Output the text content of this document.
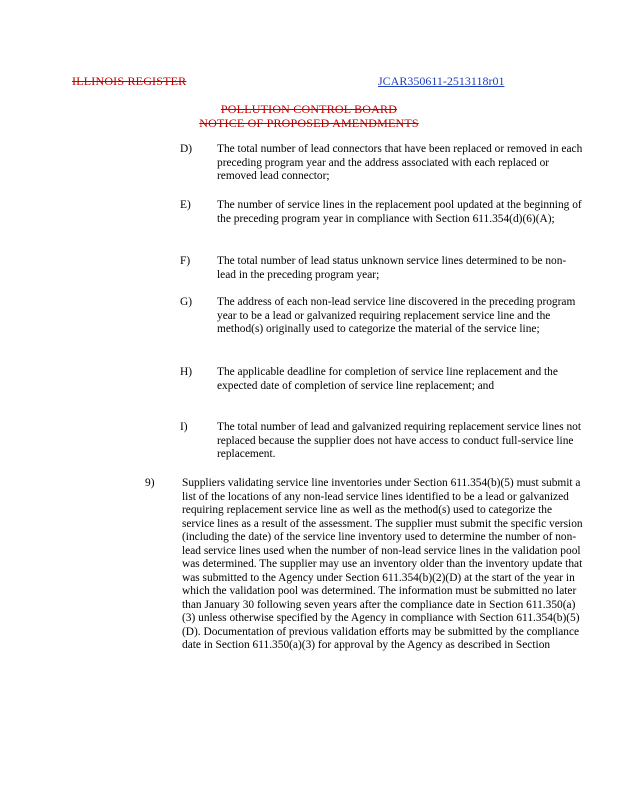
ILLINOIS REGISTER	JCAR350611-2513118r01
POLLUTION CONTROL BOARD
NOTICE OF PROPOSED AMENDMENTS
D)	The total number of lead connectors that have been replaced or removed in each preceding program year and the address associated with each replaced or removed lead connector;
E)	The number of service lines in the replacement pool updated at the beginning of the preceding program year in compliance with Section 611.354(d)(6)(A);
F)	The total number of lead status unknown service lines determined to be non-lead in the preceding program year;
G)	The address of each non-lead service line discovered in the preceding program year to be a lead or galvanized requiring replacement service line and the method(s) originally used to categorize the material of the service line;
H)	The applicable deadline for completion of service line replacement and the expected date of completion of service line replacement; and
I)	The total number of lead and galvanized requiring replacement service lines not replaced because the supplier does not have access to conduct full-service line replacement.
9)	Suppliers validating service line inventories under Section 611.354(b)(5) must submit a list of the locations of any non-lead service lines identified to be a lead or galvanized requiring replacement service line as well as the method(s) used to categorize the service lines as a result of the assessment. The supplier must submit the specific version (including the date) of the service line inventory used to determine the number of non-lead service lines used when the number of non-lead service lines in the validation pool was determined. The supplier may use an inventory older than the inventory update that was submitted to the Agency under Section 611.354(b)(2)(D) at the start of the year in which the validation pool was determined. The information must be submitted no later than January 30 following seven years after the compliance date in Section 611.350(a)(3) unless otherwise specified by the Agency in compliance with Section 611.354(b)(5)(D). Documentation of previous validation efforts may be submitted by the compliance date in Section 611.350(a)(3) for approval by the Agency as described in Section
